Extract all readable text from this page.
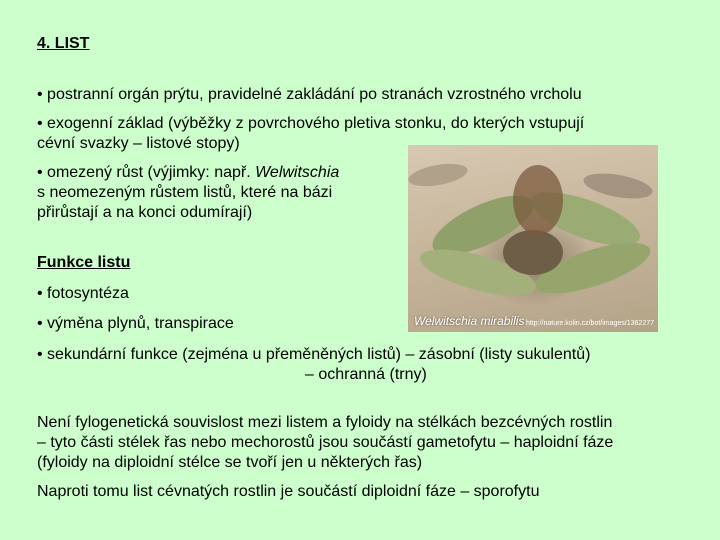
4. LIST

• postranní orgán prýtu, pravidelné zakládání po stranách vzrostného vrcholu

• exogenní základ (výběžky z povrchového pletiva stonku, do kterých vstupují

cévní svazky – listové stopy)

• omezený růst (výjimky: např. Welwitschia

s neomezeným růstem listů, které na bázi

přirůstají a na konci odumírají)

Funkce listu

• fotosyntéza

• výměna plynů, transpirace	Welwitschia mirabilis http://nature.kolin.cz/bot/images/1362277

• sekundární funkce (zejména u přeměněných listů) – zásobní (listy sukulentů)

– ochranná (trny)

Není fylogenetická souvislost mezi listem a fyloidy na stélkách bezcévných rostlin

– tyto části stélek řas nebo mechorostů jsou součástí gametofytu – haploidní fáze

(fyloidy na diploidní stélce se tvoří jen u některých řas)

Naproti tomu list cévnatých rostlin je součástí diploidní fáze – sporofytu
